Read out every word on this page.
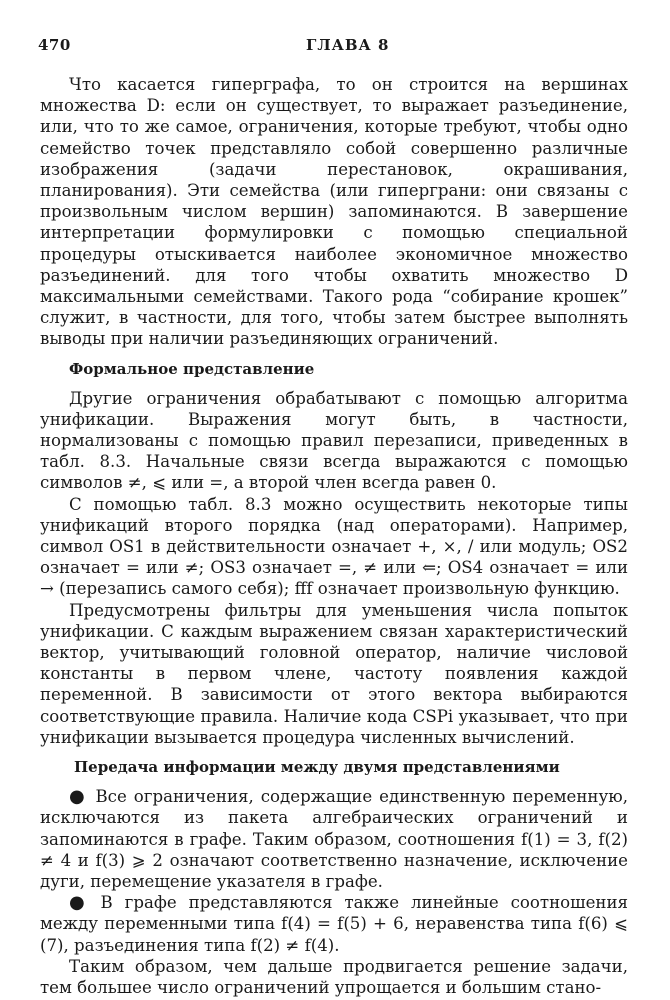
470	ГЛАВА 8

Что касается гиперграфа, то он строится на вершинах множества D: если он существует, то выражает разъединение, или, что то же самое, ограничения, которые требуют, чтобы одно семейство точек представляло собой совершенно различные изображения (задачи перестановок, окрашивания, планирования). Эти семейства (или гиперграни: они связаны с произвольным числом вершин) запоминаются. В завершение интерпретации формулировки с помощью специальной процедуры отыскивается наиболее экономичное множество разъединений. для того чтобы охватить множество D максимальными семействами. Такого рода “собирание крошек” служит, в частности, для того, чтобы затем быстрее выполнять выводы при наличии разъединяющих ограничений.

Формальное представление

Другие ограничения обрабатывают с помощью алгоритма унификации. Выражения могут быть, в частности, нормализованы с помощью правил перезаписи, приведенных в табл. 8.3. Начальные связи всегда выражаются с помощью символов ≠, ⩽ или =, а второй член всегда равен 0.

С помощью табл. 8.3 можно осуществить некоторые типы унификаций второго порядка (над операторами). Например, символ OS1 в действительности означает +, ×, / или модуль; OS2 означает = или ≠; OS3 означает =, ≠ или ⇐; OS4 означает = или → (перезапись самого себя); fff означает произвольную функцию.

Предусмотрены фильтры для уменьшения числа попыток унификации. С каждым выражением связан характеристический вектор, учитывающий головной оператор, наличие числовой константы в первом члене, частоту появления каждой переменной. В зависимости от этого вектора выбираются соответствующие правила. Наличие кода CSPi указывает, что при унификации вызывается процедура численных вычислений.

Передача информации между двумя представлениями

● Все ограничения, содержащие единственную переменную, исключаются из пакета алгебраических ограничений и запоминаются в графе. Таким образом, соотношения f(1) = 3, f(2) ≠ 4 и f(3) ⩾ 2 означают соответственно назначение, исключение дуги, перемещение указателя в графе.

● В графе представляются также линейные соотношения между переменными типа f(4) = f(5) + 6, неравенства типа f(6) ⩽ (7), разъединения типа f(2) ≠ f(4).

Таким образом, чем дальше продвигается решение задачи, тем большее число ограничений упрощается и большим стано-
